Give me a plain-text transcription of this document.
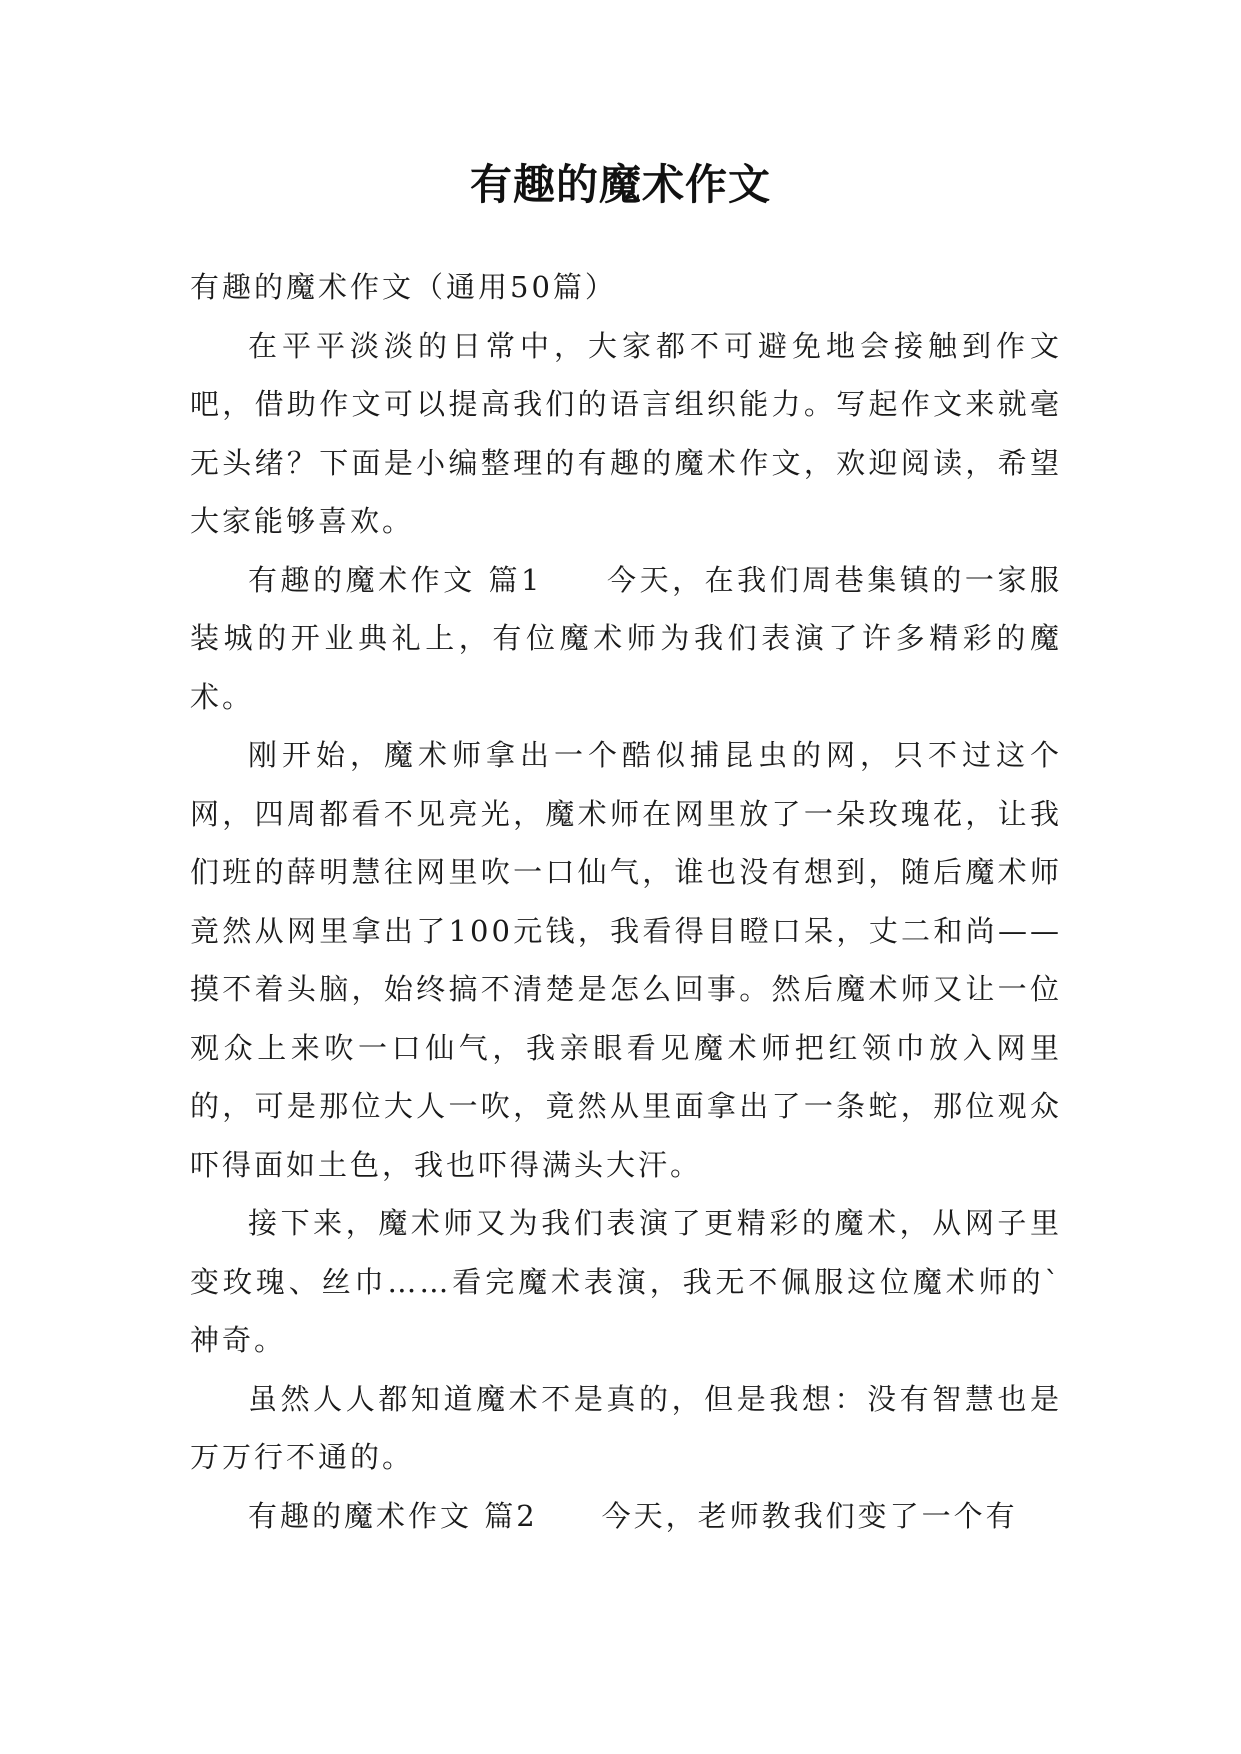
有趣的魔术作文

有趣的魔术作文（通用50篇）

在平平淡淡的日常中，大家都不可避免地会接触到作文吧，借助作文可以提高我们的语言组织能力。写起作文来就毫无头绪？下面是小编整理的有趣的魔术作文，欢迎阅读，希望大家能够喜欢。

有趣的魔术作文 篇1 今天，在我们周巷集镇的一家服装城的开业典礼上，有位魔术师为我们表演了许多精彩的魔术。

刚开始，魔术师拿出一个酷似捕昆虫的网，只不过这个网，四周都看不见亮光，魔术师在网里放了一朵玫瑰花，让我们班的薛明慧往网里吹一口仙气，谁也没有想到，随后魔术师竟然从网里拿出了100元钱，我看得目瞪口呆，丈二和尚——摸不着头脑，始终搞不清楚是怎么回事。然后魔术师又让一位观众上来吹一口仙气，我亲眼看见魔术师把红领巾放入网里的，可是那位大人一吹，竟然从里面拿出了一条蛇，那位观众吓得面如土色，我也吓得满头大汗。

接下来，魔术师又为我们表演了更精彩的魔术，从网子里变玫瑰、丝巾……看完魔术表演，我无不佩服这位魔术师的`神奇。

虽然人人都知道魔术不是真的，但是我想：没有智慧也是万万行不通的。

有趣的魔术作文 篇2 今天，老师教我们变了一个有
